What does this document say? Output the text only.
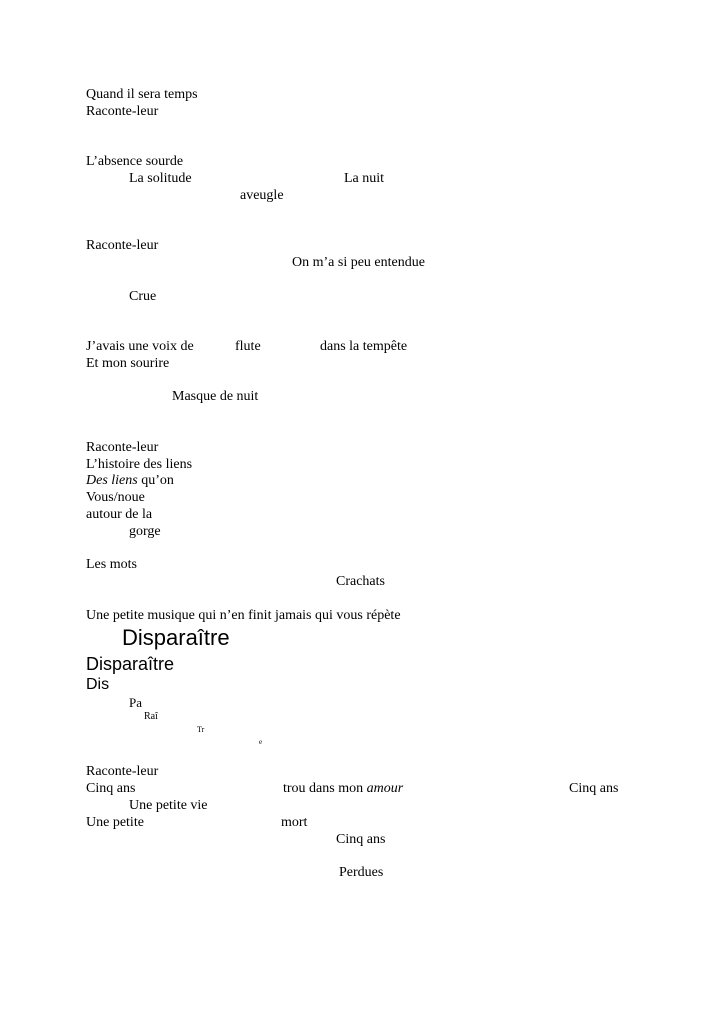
Quand il sera temps
Raconte-leur
L’absence sourde
La solitude	La nuit
aveugle
Raconte-leur
On m’a si peu entendue
Crue
J’avais une voix de	flute	dans la tempête
Et mon sourire
Masque de nuit
Raconte-leur
L’histoire des liens
Des liens qu’on
Vous/noue
autour de la
gorge
Les mots
Crachats
Une petite musique qui n’en finit jamais qui vous répète
Disparaître
Disparaître
Dis
Pa
Raî
Tr
e
Raconte-leur
Cinq ans	trou dans mon amour	Cinq ans
Une petite vie
Une petite	mort
Cinq ans
Perdues
